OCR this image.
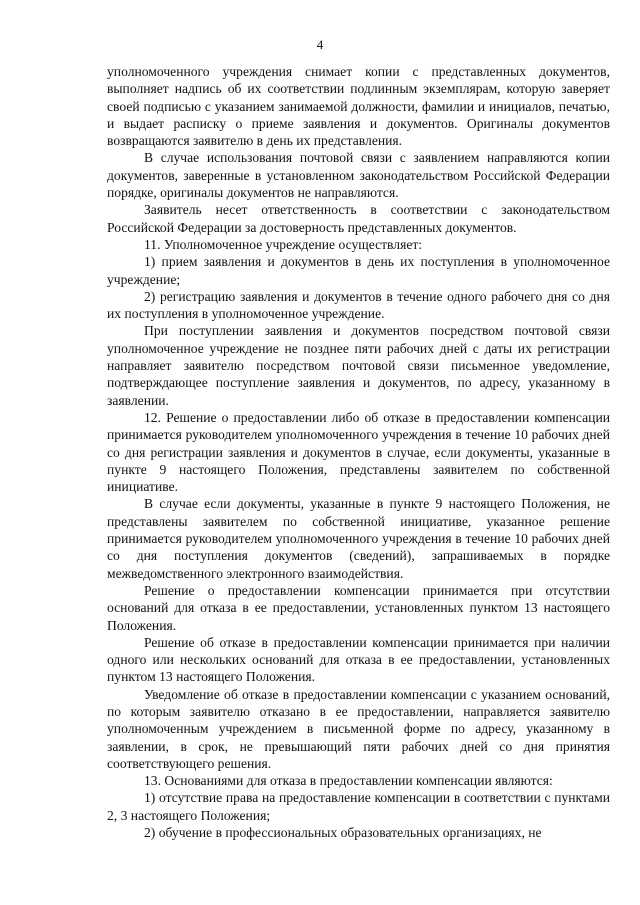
4

уполномоченного учреждения снимает копии с представленных документов, выполняет надпись об их соответствии подлинным экземплярам, которую заверяет своей подписью с указанием занимаемой должности, фамилии и инициалов, печатью, и выдает расписку о приеме заявления и документов. Оригиналы документов возвращаются заявителю в день их представления.

В случае использования почтовой связи с заявлением направляются копии документов, заверенные в установленном законодательством Российской Федерации порядке, оригиналы документов не направляются.

Заявитель несет ответственность в соответствии с законодательством Российской Федерации за достоверность представленных документов.

11. Уполномоченное учреждение осуществляет:

1) прием заявления и документов в день их поступления в уполномоченное учреждение;

2) регистрацию заявления и документов в течение одного рабочего дня со дня их поступления в уполномоченное учреждение.

При поступлении заявления и документов посредством почтовой связи уполномоченное учреждение не позднее пяти рабочих дней с даты их регистрации направляет заявителю посредством почтовой связи письменное уведомление, подтверждающее поступление заявления и документов, по адресу, указанному в заявлении.

12. Решение о предоставлении либо об отказе в предоставлении компенсации принимается руководителем уполномоченного учреждения в течение 10 рабочих дней со дня регистрации заявления и документов в случае, если документы, указанные в пункте 9 настоящего Положения, представлены заявителем по собственной инициативе.

В случае если документы, указанные в пункте 9 настоящего Положения, не представлены заявителем по собственной инициативе, указанное решение принимается руководителем уполномоченного учреждения в течение 10 рабочих дней со дня поступления документов (сведений), запрашиваемых в порядке межведомственного электронного взаимодействия.

Решение о предоставлении компенсации принимается при отсутствии оснований для отказа в ее предоставлении, установленных пунктом 13 настоящего Положения.

Решение об отказе в предоставлении компенсации принимается при наличии одного или нескольких оснований для отказа в ее предоставлении, установленных пунктом 13 настоящего Положения.

Уведомление об отказе в предоставлении компенсации с указанием оснований, по которым заявителю отказано в ее предоставлении, направляется заявителю уполномоченным учреждением в письменной форме по адресу, указанному в заявлении, в срок, не превышающий пяти рабочих дней со дня принятия соответствующего решения.

13. Основаниями для отказа в предоставлении компенсации являются:

1) отсутствие права на предоставление компенсации в соответствии с пунктами 2, 3 настоящего Положения;

2) обучение в профессиональных образовательных организациях, не
